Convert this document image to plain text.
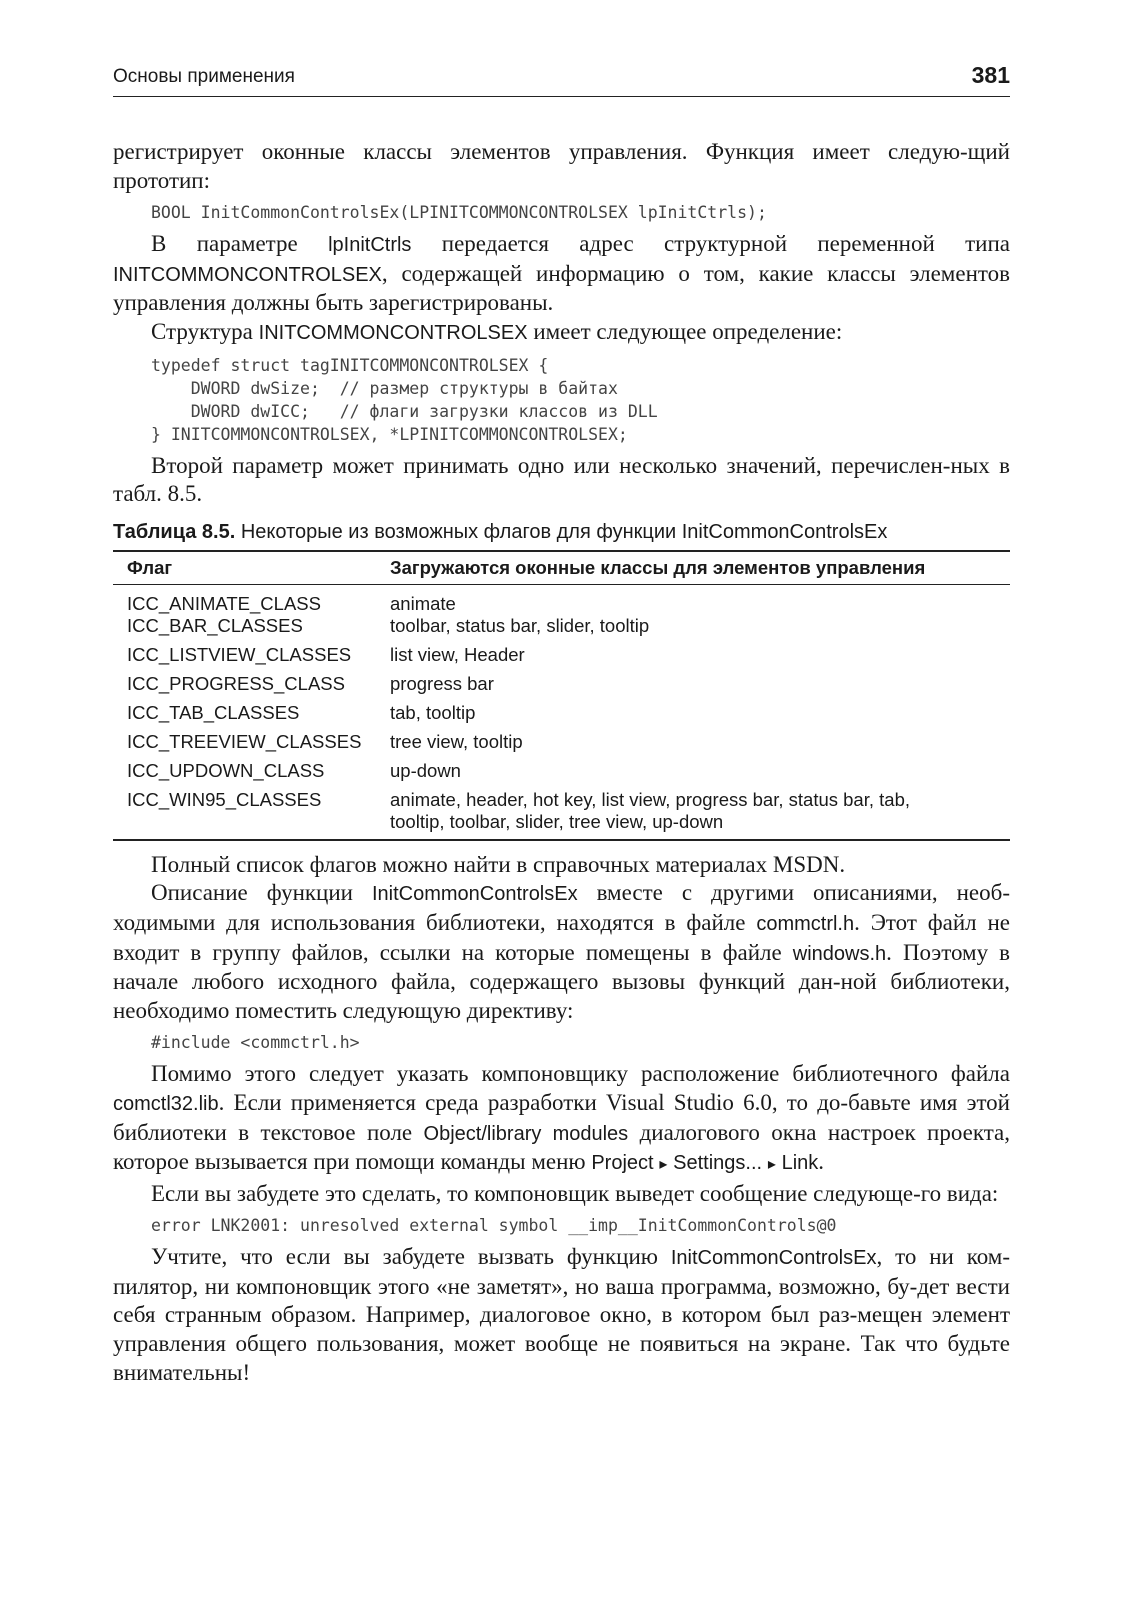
Основы применения	381

регистрирует оконные классы элементов управления. Функция имеет следую-щий прототип:

BOOL InitCommonControlsEx(LPINITCOMMONCONTROLSEX lpInitCtrls);

В параметре lpInitCtrls передается адрес структурной переменной типа INITCOMMONCONTROLSEX, содержащей информацию о том, какие классы элементов управления должны быть зарегистрированы.

Структура INITCOMMONCONTROLSEX имеет следующее определение:

typedef struct tagINITCOMMONCONTROLSEX {
DWORD dwSize;  // размер структуры в байтах
DWORD dwICC;   // флаги загрузки классов из DLL
} INITCOMMONCONTROLSEX, *LPINITCOMMONCONTROLSEX;

Второй параметр может принимать одно или несколько значений, перечислен-ных в табл. 8.5.

Таблица 8.5. Некоторые из возможных флагов для функции InitCommonControlsEx
Флаг	Загружаются оконные классы для элементов управления
ICC_ANIMATE_CLASS	animate
ICC_BAR_CLASSES	toolbar, status bar, slider, tooltip
ICC_LISTVIEW_CLASSES	list view, Header
ICC_PROGRESS_CLASS	progress bar
ICC_TAB_CLASSES	tab, tooltip
ICC_TREEVIEW_CLASSES	tree view, tooltip
ICC_UPDOWN_CLASS	up-down
ICC_WIN95_CLASSES	animate, header, hot key, list view, progress bar, status bar, tab,
tooltip, toolbar, slider, tree view, up-down

Полный список флагов можно найти в справочных материалах MSDN.

Описание функции InitCommonControlsEx вместе с другими описаниями, необ-ходимыми для использования библиотеки, находятся в файле commctrl.h. Этот файл не входит в группу файлов, ссылки на которые помещены в файле windows.h. Поэтому в начале любого исходного файла, содержащего вызовы функций дан-ной библиотеки, необходимо поместить следующую директиву:

#include <commctrl.h>

Помимо этого следует указать компоновщику расположение библиотечного файла comctl32.lib. Если применяется среда разработки Visual Studio 6.0, то до-бавьте имя этой библиотеки в текстовое поле Object/library modules диалогового окна настроек проекта, которое вызывается при помощи команды меню Project ▸ Settings... ▸ Link.

Если вы забудете это сделать, то компоновщик выведет сообщение следующе-го вида:

error LNK2001: unresolved external symbol __imp__InitCommonControls@0

Учтите, что если вы забудете вызвать функцию InitCommonControlsEx, то ни ком-пилятор, ни компоновщик этого «не заметят», но ваша программа, возможно, бу-дет вести себя странным образом. Например, диалоговое окно, в котором был раз-мещен элемент управления общего пользования, может вообще не появиться на экране. Так что будьте внимательны!
